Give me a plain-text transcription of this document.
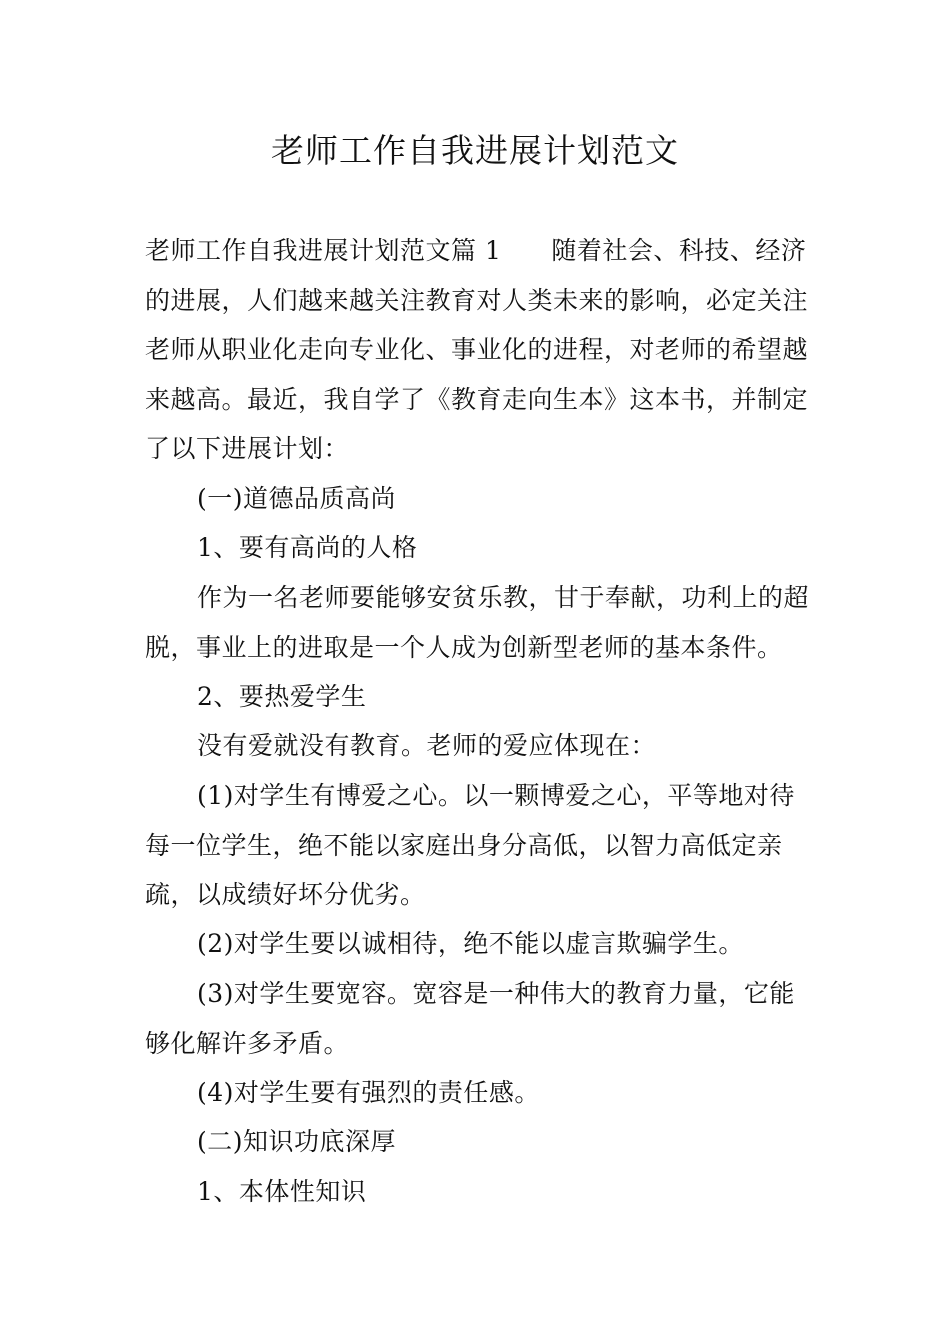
老师工作自我进展计划范文

老师工作自我进展计划范文篇 1 随着社会、科技、经济的进展，人们越来越关注教育对人类未来的影响，必定关注老师从职业化走向专业化、事业化的进程，对老师的希望越来越高。最近，我自学了《教育走向生本》这本书，并制定了以下进展计划：

(一)道德品质高尚

1、要有高尚的人格

作为一名老师要能够安贫乐教，甘于奉献，功利上的超脱，事业上的进取是一个人成为创新型老师的基本条件。

2、要热爱学生

没有爱就没有教育。老师的爱应体现在：

(1)对学生有博爱之心。以一颗博爱之心，平等地对待每一位学生，绝不能以家庭出身分高低，以智力高低定亲疏，以成绩好坏分优劣。

(2)对学生要以诚相待，绝不能以虚言欺骗学生。

(3)对学生要宽容。宽容是一种伟大的教育力量，它能够化解许多矛盾。

(4)对学生要有强烈的责任感。

(二)知识功底深厚

1、本体性知识
